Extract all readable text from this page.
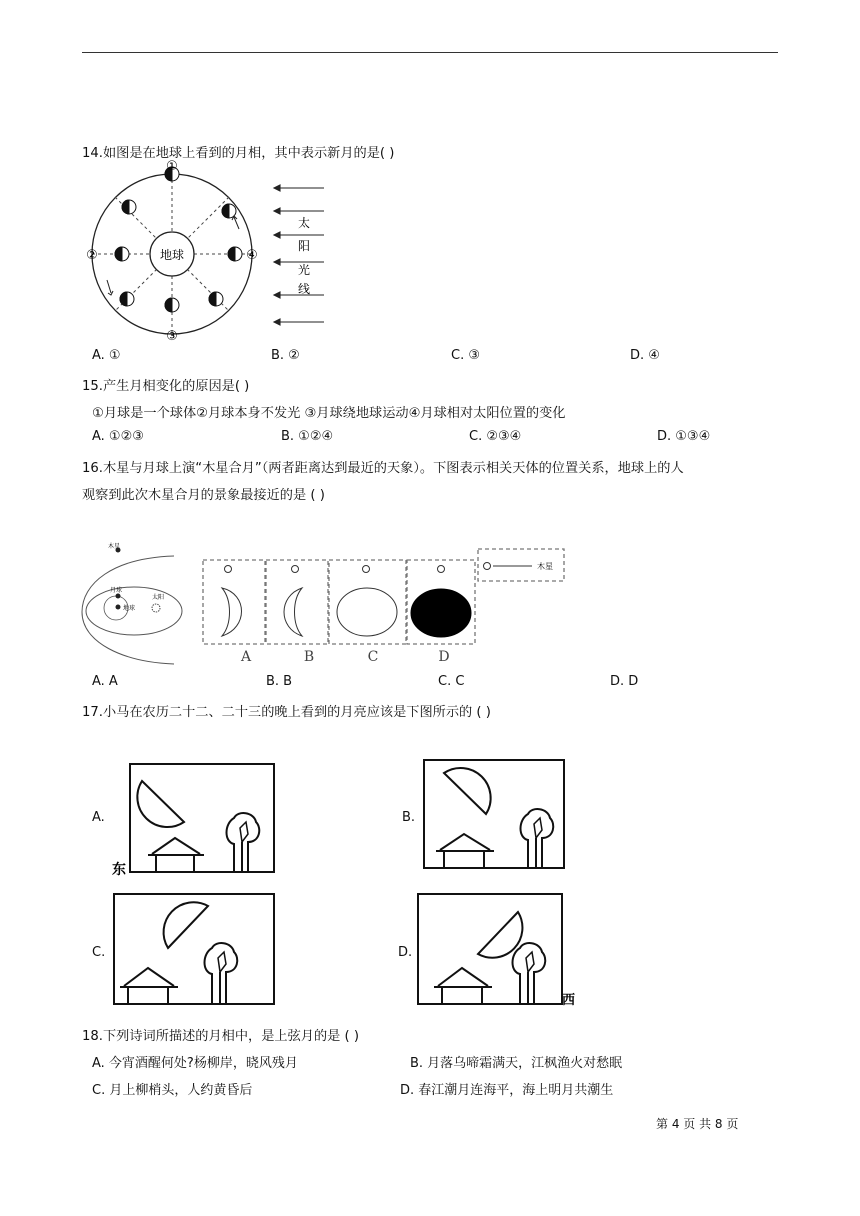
14.如图是在地球上看到的月相，其中表示新月的是( )
地球
①
②
③
④
太
阳
光
线
A. ①	B. ②	C. ③	D. ④
15.产生月相变化的原因是( )
①月球是一个球体②月球本身不发光 ③月球绕地球运动④月球相对太阳位置的变化
A. ①②③	B. ①②④	C. ②③④	D. ①③④
16.木星与月球上演“木星合月”（两者距离达到最近的天象）。下图表示相关天体的位置关系，地球上的人
观察到此次木星合月的景象最接近的是 ( )
木星
月球
地球
太阳
木星
A	B	C	D
A. A	B. B	C. C	D. D
17.小马在农历二十二、二十三的晚上看到的月亮应该是下图所示的 ( )
A.	B.
C.	D.
东
西
18.下列诗词所描述的月相中，是上弦月的是 ( )
A. 今宵酒醒何处?杨柳岸，晓风残月	B. 月落乌啼霜满天，江枫渔火对愁眠
C. 月上柳梢头，人约黄昏后	D. 春江潮月连海平，海上明月共潮生
第 4 页 共 8 页
